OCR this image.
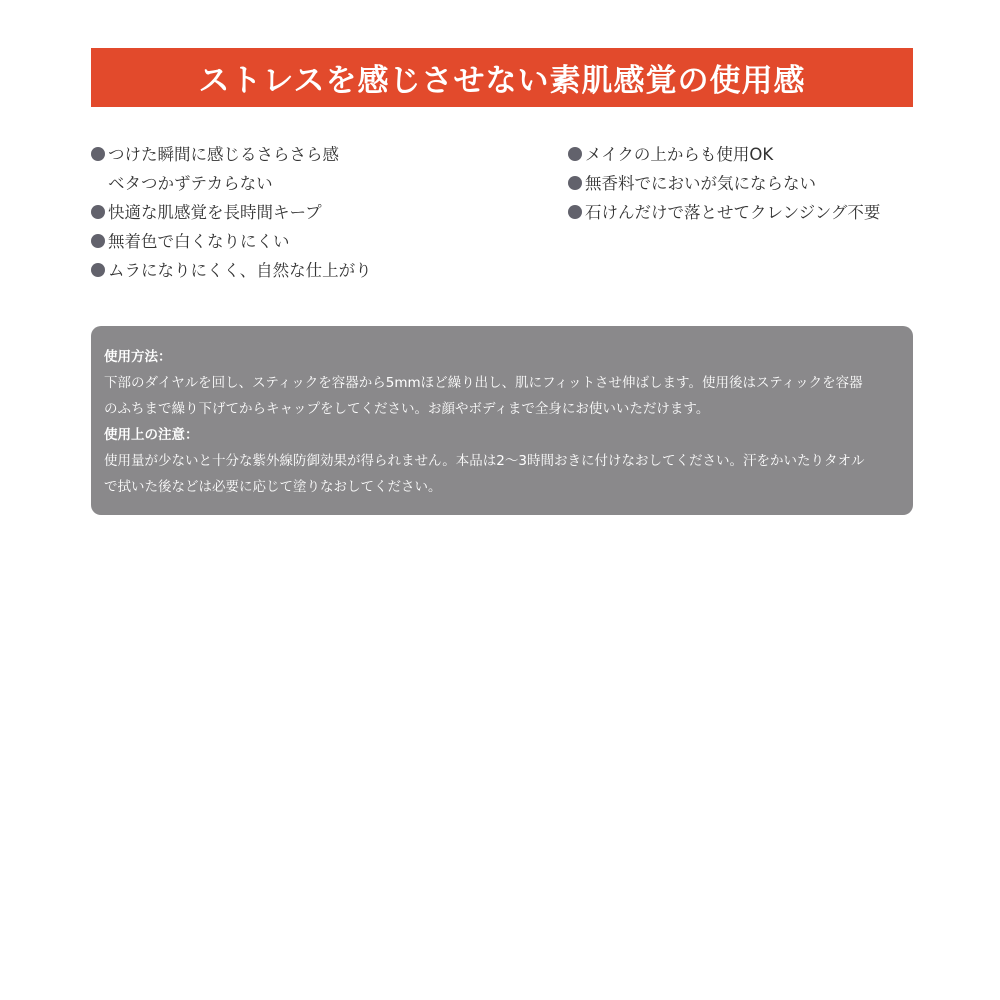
ストレスを感じさせない素肌感覚の使用感
つけた瞬間に感じるさらさら感
ベタつかずテカらない
快適な肌感覚を長時間キープ
無着色で白くなりにくい
ムラになりにくく、自然な仕上がり
メイクの上からも使用OK
無香料でにおいが気にならない
石けんだけで落とせてクレンジング不要
使用方法：
下部のダイヤルを回し、スティックを容器から5mmほど繰り出し、肌にフィットさせ伸ばします。使用後はスティックを容器
のふちまで繰り下げてからキャップをしてください。お顔やボディまで全身にお使いいただけます。
使用上の注意：
使用量が少ないと十分な紫外線防御効果が得られません。本品は2～3時間おきに付けなおしてください。汗をかいたりタオル
で拭いた後などは必要に応じて塗りなおしてください。
